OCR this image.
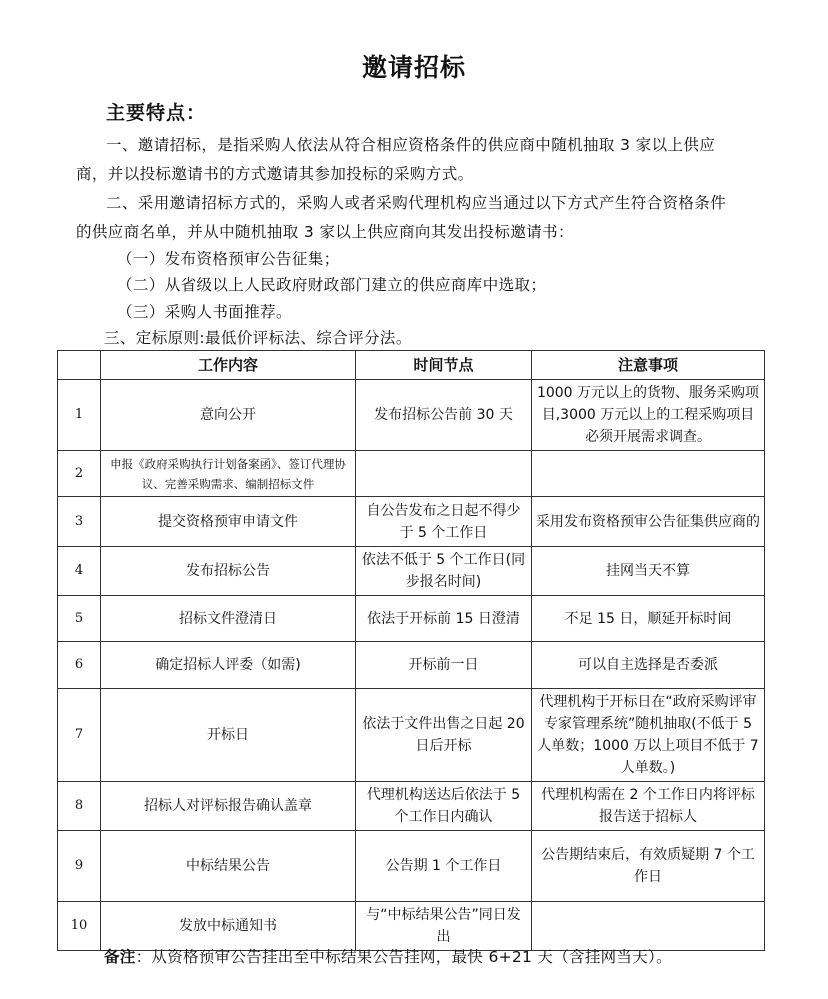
邀请招标
主要特点：
一、邀请招标，是指采购人依法从符合相应资格条件的供应商中随机抽取 3 家以上供应商，并以投标邀请书的方式邀请其参加投标的采购方式。
二、采用邀请招标方式的，采购人或者采购代理机构应当通过以下方式产生符合资格条件的供应商名单，并从中随机抽取 3 家以上供应商向其发出投标邀请书：
（一）发布资格预审公告征集；
（二）从省级以上人民政府财政部门建立的供应商库中选取；
（三）采购人书面推荐。
三、定标原则:最低价评标法、综合评分法。
	工作内容	时间节点	注意事项
1	意向公开	发布招标公告前 30 天	1000 万元以上的货物、服务采购项目,3000 万元以上的工程采购项目必须开展需求调查。
2	申报《政府采购执行计划备案函》、签订代理协议、完善采购需求、编制招标文件		
3	提交资格预审申请文件	自公告发布之日起不得少于 5 个工作日	采用发布资格预审公告征集供应商的
4	发布招标公告	依法不低于 5 个工作日(同步报名时间)	挂网当天不算
5	招标文件澄清日	依法于开标前 15 日澄清	不足 15 日，顺延开标时间
6	确定招标人评委（如需)	开标前一日	可以自主选择是否委派
7	开标日	依法于文件出售之日起 20 日后开标	代理机构于开标日在“政府采购评审专家管理系统”随机抽取(不低于 5 人单数；1000 万以上项目不低于 7 人单数。)
8	招标人对评标报告确认盖章	代理机构送达后依法于 5 个工作日内确认	代理机构需在 2 个工作日内将评标报告送于招标人
9	中标结果公告	公告期 1 个工作日	公告期结束后，有效质疑期 7 个工作日
10	发放中标通知书	与“中标结果公告”同日发出	
备注：从资格预审公告挂出至中标结果公告挂网，最快 6+21 天（含挂网当天）。
